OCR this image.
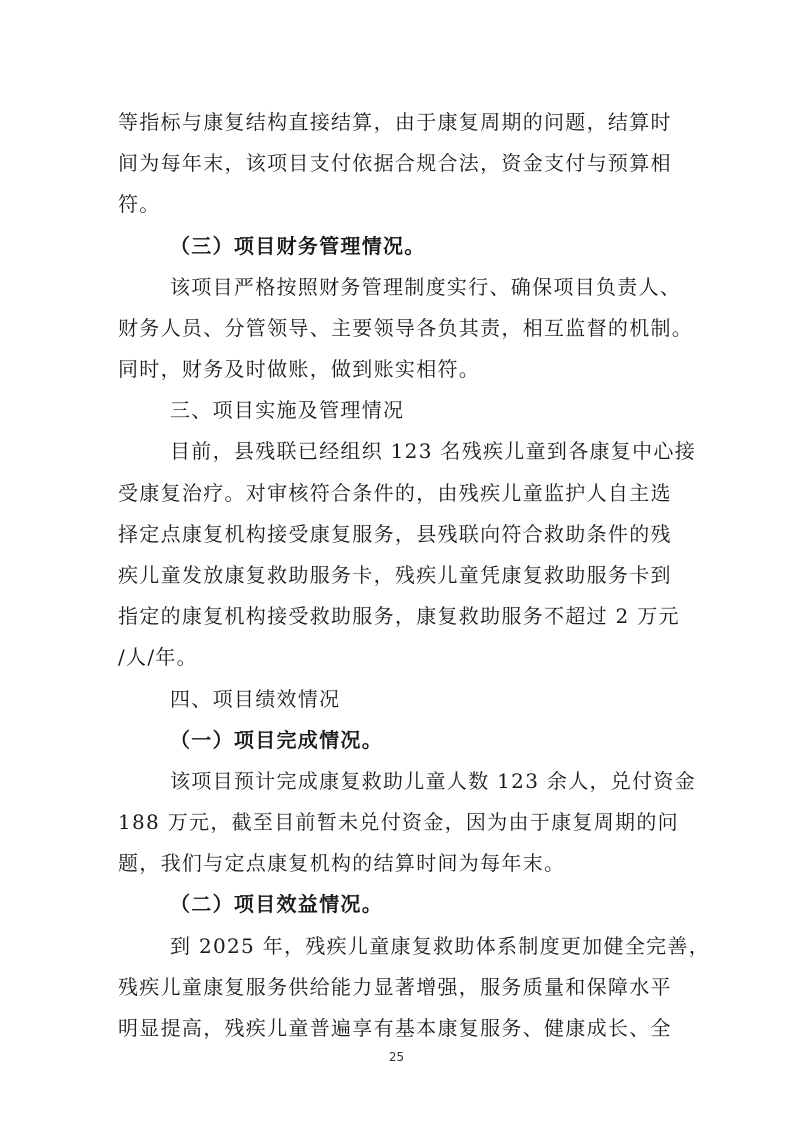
等指标与康复结构直接结算，由于康复周期的问题，结算时
间为每年末，该项目支付依据合规合法，资金支付与预算相
符。
（三）项目财务管理情况。
该项目严格按照财务管理制度实行、确保项目负责人、
财务人员、分管领导、主要领导各负其责，相互监督的机制。
同时，财务及时做账，做到账实相符。
三、项目实施及管理情况
目前，县残联已经组织 123 名残疾儿童到各康复中心接
受康复治疗。对审核符合条件的，由残疾儿童监护人自主选
择定点康复机构接受康复服务，县残联向符合救助条件的残
疾儿童发放康复救助服务卡，残疾儿童凭康复救助服务卡到
指定的康复机构接受救助服务，康复救助服务不超过 2 万元
/人/年。
四、项目绩效情况
（一）项目完成情况。
该项目预计完成康复救助儿童人数 123 余人，兑付资金
188 万元，截至目前暂未兑付资金，因为由于康复周期的问
题，我们与定点康复机构的结算时间为每年末。
（二）项目效益情况。
到 2025 年，残疾儿童康复救助体系制度更加健全完善，
残疾儿童康复服务供给能力显著增强，服务质量和保障水平
明显提高，残疾儿童普遍享有基本康复服务、健康成长、全
25
